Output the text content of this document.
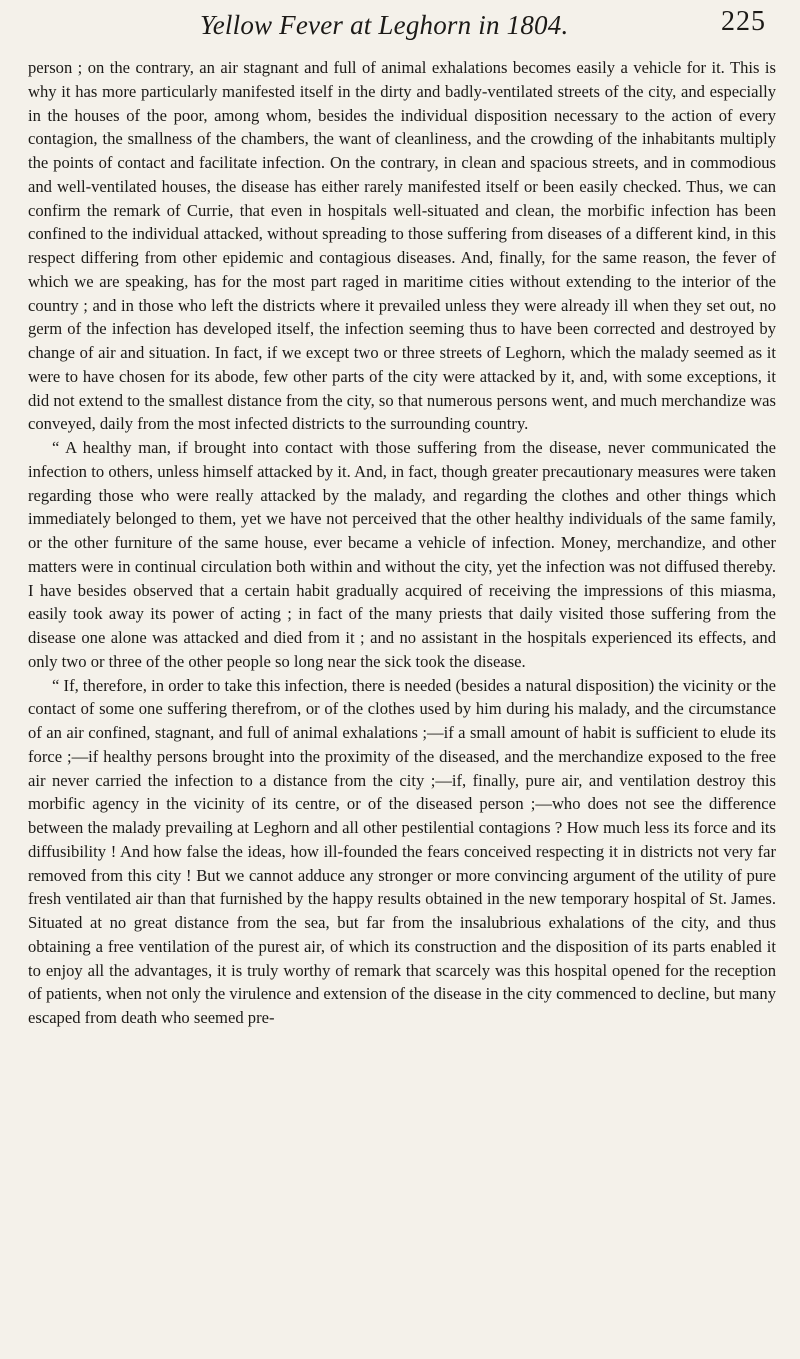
Yellow Fever at Leghorn in 1804.	225

person ; on the contrary, an air stagnant and full of animal exhalations becomes easily a vehicle for it. This is why it has more particularly manifested itself in the dirty and badly-ventilated streets of the city, and especially in the houses of the poor, among whom, besides the individual disposition necessary to the action of every contagion, the smallness of the chambers, the want of cleanliness, and the crowding of the inhabitants multiply the points of contact and facilitate infection. On the contrary, in clean and spacious streets, and in commodious and well-ventilated houses, the disease has either rarely manifested itself or been easily checked. Thus, we can confirm the remark of Currie, that even in hospitals well-situated and clean, the morbific infection has been confined to the individual attacked, without spreading to those suffering from diseases of a different kind, in this respect differing from other epidemic and contagious diseases. And, finally, for the same reason, the fever of which we are speaking, has for the most part raged in maritime cities without extending to the interior of the country ; and in those who left the districts where it prevailed unless they were already ill when they set out, no germ of the infection has developed itself, the infection seeming thus to have been corrected and destroyed by change of air and situation. In fact, if we except two or three streets of Leghorn, which the malady seemed as it were to have chosen for its abode, few other parts of the city were attacked by it, and, with some exceptions, it did not extend to the smallest distance from the city, so that numerous persons went, and much merchandize was conveyed, daily from the most infected districts to the surrounding country.

“ A healthy man, if brought into contact with those suffering from the disease, never communicated the infection to others, unless himself attacked by it. And, in fact, though greater precautionary measures were taken regarding those who were really attacked by the malady, and regarding the clothes and other things which immediately belonged to them, yet we have not perceived that the other healthy individuals of the same family, or the other furniture of the same house, ever became a vehicle of infection. Money, merchandize, and other matters were in continual circulation both within and without the city, yet the infection was not diffused thereby. I have besides observed that a certain habit gradually acquired of receiving the impressions of this miasma, easily took away its power of acting ; in fact of the many priests that daily visited those suffering from the disease one alone was attacked and died from it ; and no assistant in the hospitals experienced its effects, and only two or three of the other people so long near the sick took the disease.

“ If, therefore, in order to take this infection, there is needed (besides a natural disposition) the vicinity or the contact of some one suffering therefrom, or of the clothes used by him during his malady, and the circumstance of an air confined, stagnant, and full of animal exhalations ;—if a small amount of habit is sufficient to elude its force ;—if healthy persons brought into the proximity of the diseased, and the merchandize exposed to the free air never carried the infection to a distance from the city ;—if, finally, pure air, and ventilation destroy this morbific agency in the vicinity of its centre, or of the diseased person ;—who does not see the difference between the malady prevailing at Leghorn and all other pestilential contagions ? How much less its force and its diffusibility ! And how false the ideas, how ill-founded the fears conceived respecting it in districts not very far removed from this city ! But we cannot adduce any stronger or more convincing argument of the utility of pure fresh ventilated air than that furnished by the happy results obtained in the new temporary hospital of St. James. Situated at no great distance from the sea, but far from the insalubrious exhalations of the city, and thus obtaining a free ventilation of the purest air, of which its construction and the disposition of its parts enabled it to enjoy all the advantages, it is truly worthy of remark that scarcely was this hospital opened for the reception of patients, when not only the virulence and extension of the disease in the city commenced to decline, but many escaped from death who seemed pre-
